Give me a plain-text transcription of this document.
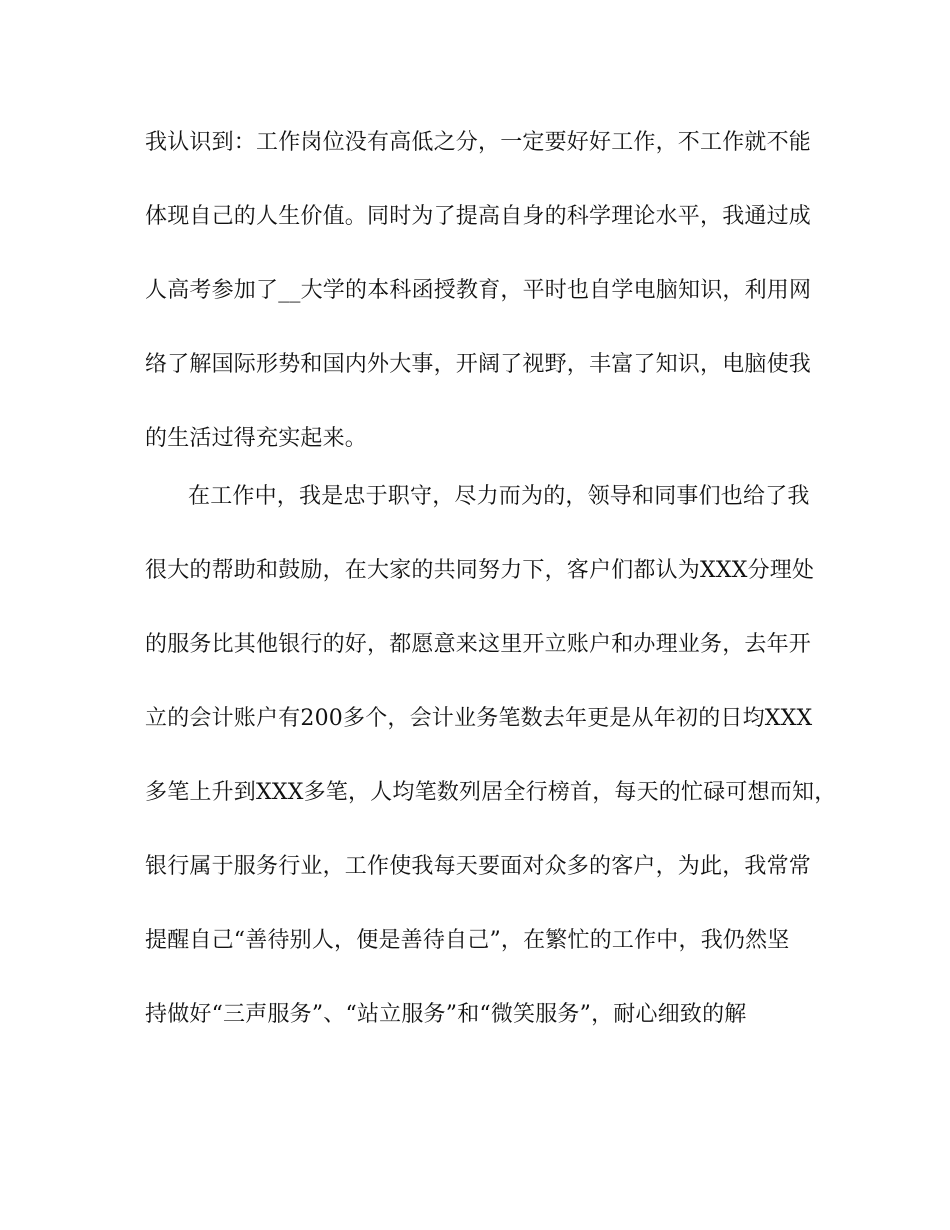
我认识到：工作岗位没有高低之分，一定要好好工作，不工作就不能
体现自己的人生价值。同时为了提高自身的科学理论水平，我通过成
人高考参加了__大学的本科函授教育，平时也自学电脑知识，利用网
络了解国际形势和国内外大事，开阔了视野，丰富了知识，电脑使我
的生活过得充实起来。
在工作中，我是忠于职守，尽力而为的，领导和同事们也给了我
很大的帮助和鼓励，在大家的共同努力下，客户们都认为XXX分理处
的服务比其他银行的好，都愿意来这里开立账户和办理业务，去年开
立的会计账户有200多个，会计业务笔数去年更是从年初的日均XXX
多笔上升到XXX多笔，人均笔数列居全行榜首，每天的忙碌可想而知，
银行属于服务行业，工作使我每天要面对众多的客户，为此，我常常
提醒自己“善待别人，便是善待自己”，在繁忙的工作中，我仍然坚
持做好“三声服务”、“站立服务”和“微笑服务”，耐心细致的解
